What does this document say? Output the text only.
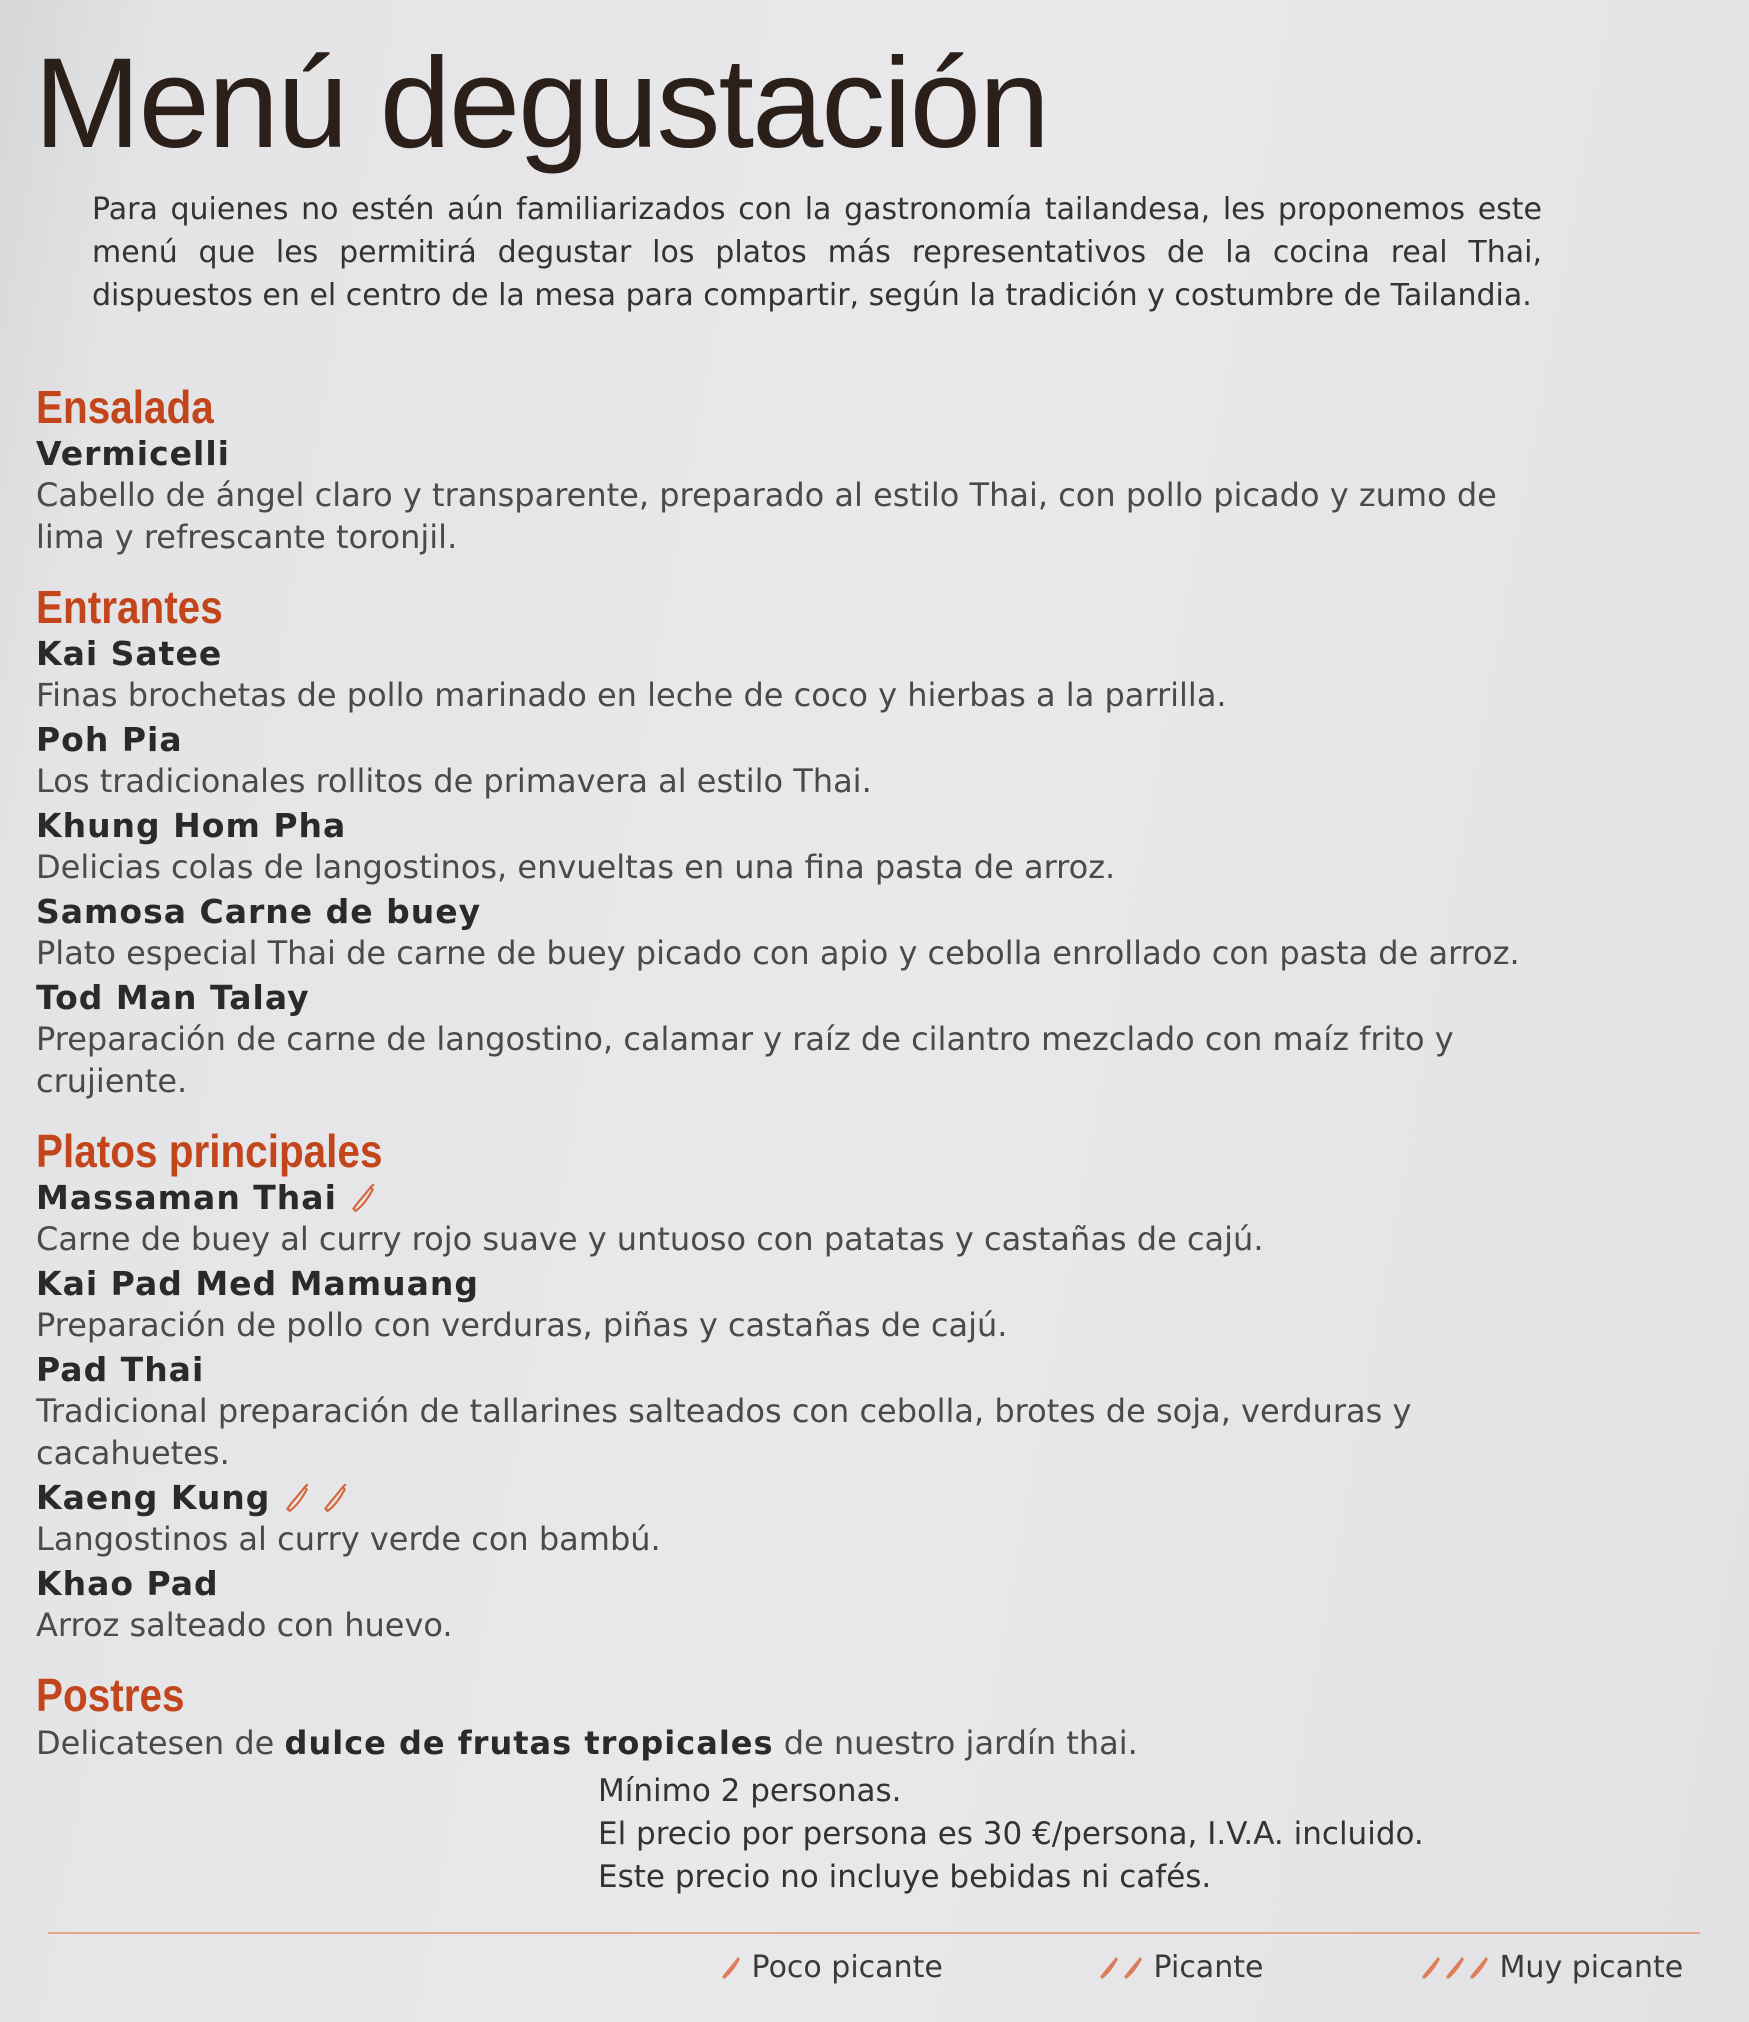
Menú degustación
Para quienes no estén aún familiarizados con la gastronomía tailandesa, les proponemos este menú que les permitirá degustar los platos más representativos de la cocina real Thai, dispuestos en el centro de la mesa para compartir, según la tradición y costumbre de Tailandia.
Ensalada
Vermicelli
Cabello de ángel claro y transparente, preparado al estilo Thai, con pollo picado y zumo de lima y refrescante toronjil.
Entrantes
Kai Satee
Finas brochetas de pollo marinado en leche de coco y hierbas a la parrilla.
Poh Pia
Los tradicionales rollitos de primavera al estilo Thai.
Khung Hom Pha
Delicias colas de langostinos, envueltas en una fina pasta de arroz.
Samosa Carne de buey
Plato especial Thai de carne de buey picado con apio y cebolla enrollado con pasta de arroz.
Tod Man Talay
Preparación de carne de langostino, calamar y raíz de cilantro mezclado con maíz frito y crujiente.
Platos principales
Massaman Thai
Carne de buey al curry rojo suave y untuoso con patatas y castañas de cajú.
Kai Pad Med Mamuang
Preparación de pollo con verduras, piñas y castañas de cajú.
Pad Thai
Tradicional preparación de tallarines salteados con cebolla, brotes de soja, verduras y cacahuetes.
Kaeng Kung
Langostinos al curry verde con bambú.
Khao Pad
Arroz salteado con huevo.
Postres
Delicatesen de dulce de frutas tropicales de nuestro jardín thai.
Mínimo 2 personas.
El precio por persona es 30 €/persona, I.V.A. incluido.
Este precio no incluye bebidas ni cafés.
Poco picante	Picante	Muy picante
